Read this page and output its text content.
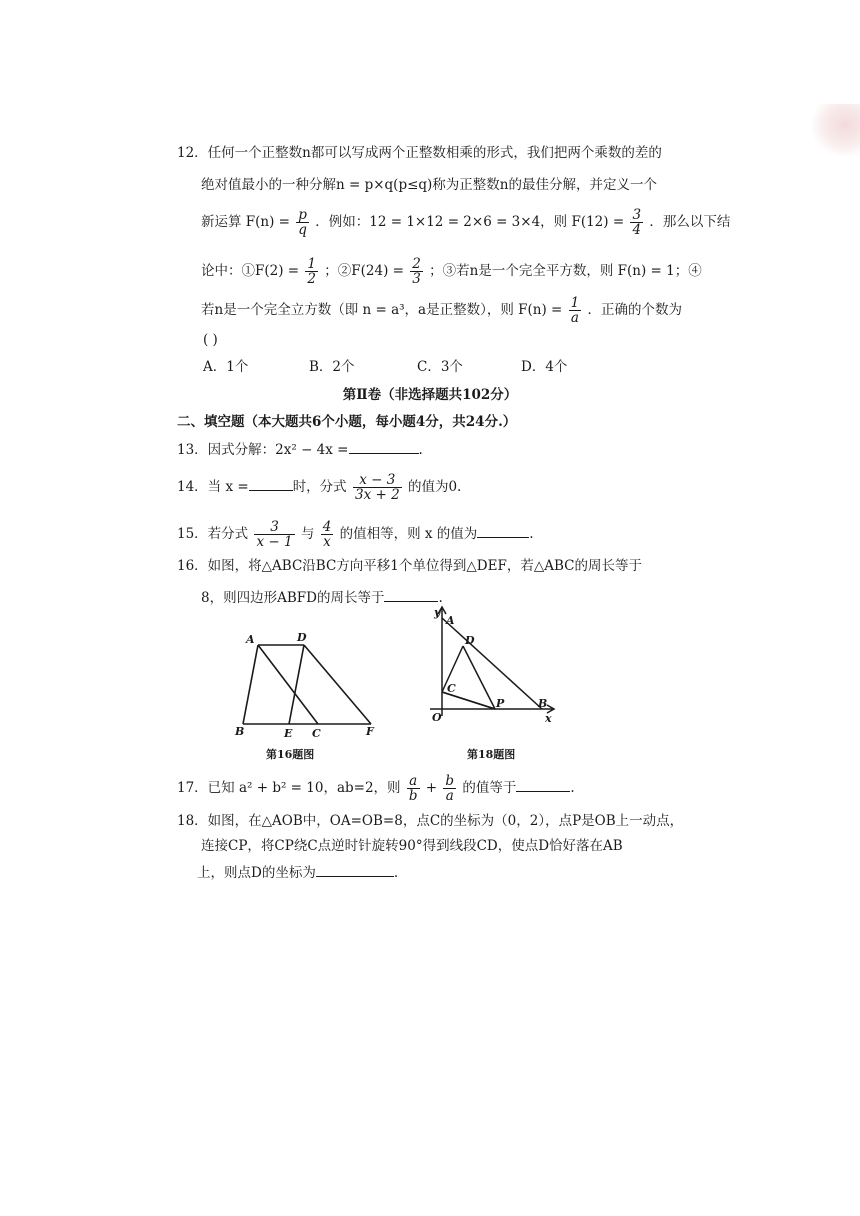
12．任何一个正整数n都可以写成两个正整数相乘的形式，我们把两个乘数的差的
绝对值最小的一种分解n = p×q(p≤q)称为正整数n的最佳分解，并定义一个
新运算 $F(n) = \frac{p}{q}$ ．例如：12 = 1×12 = 2×6 = 3×4，则 $F(12) = \frac{3}{4}$ ．那么以下结
论中：①F(2) = $\frac{1}{2}$ ；②F(24) = $\frac{2}{3}$ ；③若n是一个完全平方数，则 F(n) = 1；④
若n是一个完全立方数（即 n = a³，a是正整数），则 $F(n) = \frac{1}{a}$ ．正确的个数为
( )
A．1个	B．2个	C．3个	D．4个
第Ⅱ卷（非选择题共102分）
二、填空题（本大题共6个小题，每小题4分，共24分.）
13．因式分解：2x² − 4x =	.
14．当 x =	时，分式 $\frac{x - 3}{3x + 2}$ 的值为0.
15．若分式 $\frac{3}{x - 1}$ 与 $\frac{4}{x}$ 的值相等，则 x 的值为	.
16．如图，将△ABC沿BC方向平移1个单位得到△DEF，若△ABC的周长等于
8，则四边形ABFD的周长等于	.
A	D
B	E C	F
第16题图
y
A
D
C
O
P	B
x
第18题图
17．已知 a² + b² = 10，ab=2，则 $\frac{a}{b} + \frac{b}{a}$ 的值等于	.
18．如图，在△AOB中，OA=OB=8，点C的坐标为（0，2），点P是OB上一动点，
连接CP，将CP绕C点逆时针旋转90°得到线段CD，使点D恰好落在AB
上，则点D的坐标为	.
